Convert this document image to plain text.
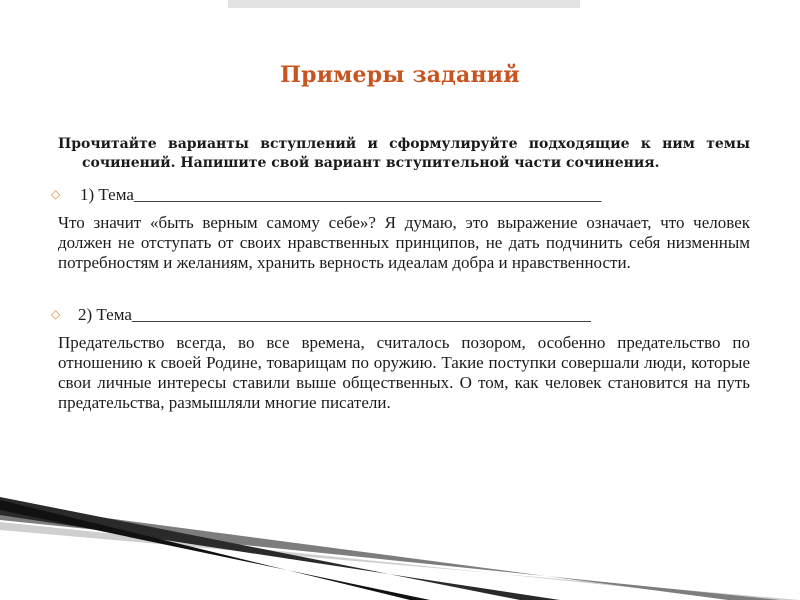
Примеры заданий

Прочитайте варианты вступлений и сформулируйте подходящие к ним темы сочинений. Напишите свой вариант вступительной части сочинения.

◇ 1) Тема_______________________________________________________

Что значит «быть верным самому себе»? Я думаю, это выражение означает, что человек должен не отступать от своих нравственных принципов, не дать подчинить себя низменным потребностям и желаниям, хранить верность идеалам добра и нравственности.

◇ 2) Тема______________________________________________________

Предательство всегда, во все времена, считалось позором, особенно предательство по отношению к своей Родине, товарищам по оружию. Такие поступки совершали люди, которые свои личные интересы ставили выше общественных. О том, как человек становится на путь предательства, размышляли многие писатели.
